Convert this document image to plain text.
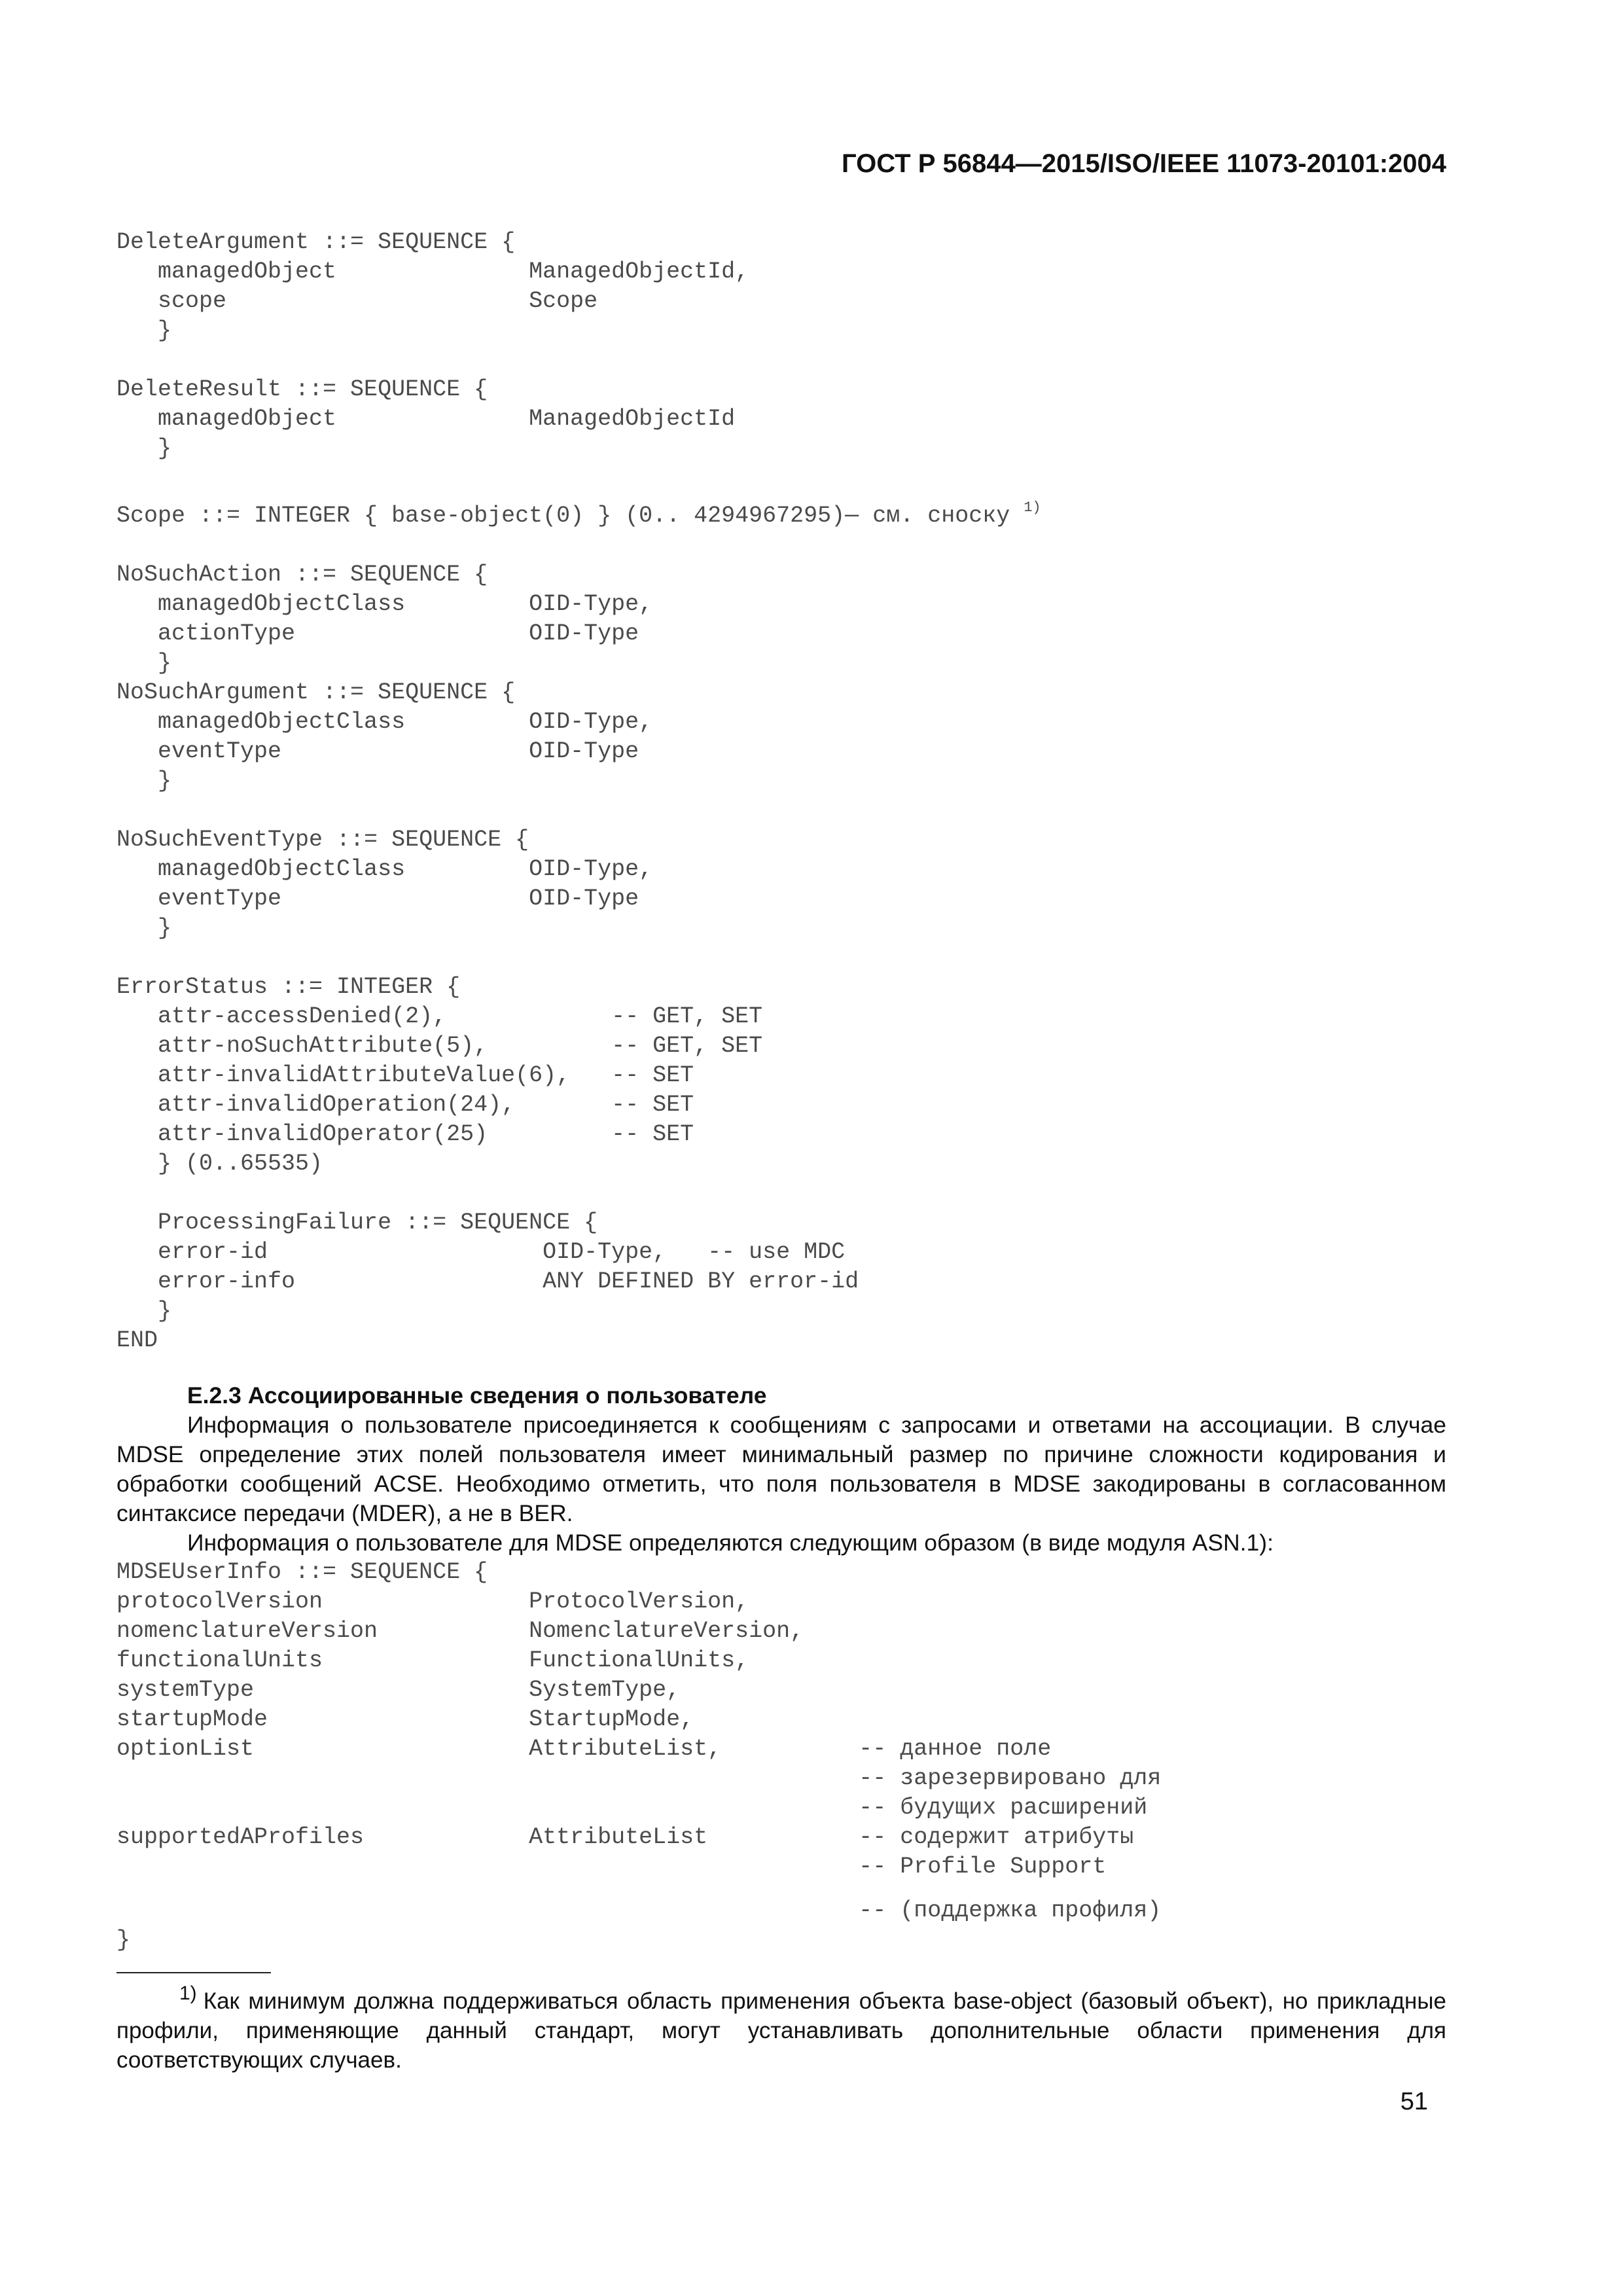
ГОСТ Р 56844—2015/ISO/IEEE 11073-20101:2004
DeleteArgument ::= SEQUENCE {
managedObject              ManagedObjectId,
scope                      Scope
}

DeleteResult ::= SEQUENCE {
managedObject              ManagedObjectId
}

Scope ::= INTEGER { base-object(0) } (0.. 4294967295)— см. сноску $^{1)}$

NoSuchAction ::= SEQUENCE {
managedObjectClass         OID-Type,
actionType                 OID-Type
}
NoSuchArgument ::= SEQUENCE {
managedObjectClass         OID-Type,
eventType                  OID-Type
}

NoSuchEventType ::= SEQUENCE {
managedObjectClass         OID-Type,
eventType                  OID-Type
}

ErrorStatus ::= INTEGER {
attr-accessDenied(2),            -- GET, SET
attr-noSuchAttribute(5),         -- GET, SET
attr-invalidAttributeValue(6),   -- SET
attr-invalidOperation(24),       -- SET
attr-invalidOperator(25)         -- SET
} (0..65535)

ProcessingFailure ::= SEQUENCE {
error-id                    OID-Type,   -- use MDC
error-info                  ANY DEFINED BY error-id
}
END

Е.2.3 Ассоциированные сведения о пользователе

Информация о пользователе присоединяется к сообщениям с запросами и ответами на ассоциации. В случае MDSE определение этих полей пользователя имеет минимальный размер по причине сложности кодирования и обработки сообщений ACSE. Необходимо отметить, что поля пользователя в MDSE закодированы в согласованном синтаксисе передачи (MDER), а не в BER.

Информация о пользователе для MDSE определяются следующим образом (в виде модуля ASN.1):

MDSEUserInfo ::= SEQUENCE {
protocolVersion               ProtocolVersion,
nomenclatureVersion           NomenclatureVersion,
functionalUnits               FunctionalUnits,
systemType                    SystemType,
startupMode                   StartupMode,
optionList                    AttributeList,          -- данное поле
-- зарезервировано для
-- будущих расширений
supportedAProfiles            AttributeList           -- содержит атрибуты
-- Profile Support
-- (поддержка профиля)
}

1) Как минимум должна поддерживаться область применения объекта base-object (базовый объект), но прикладные профили, применяющие данный стандарт, могут устанавливать дополнительные области применения для соответствующих случаев.
51
